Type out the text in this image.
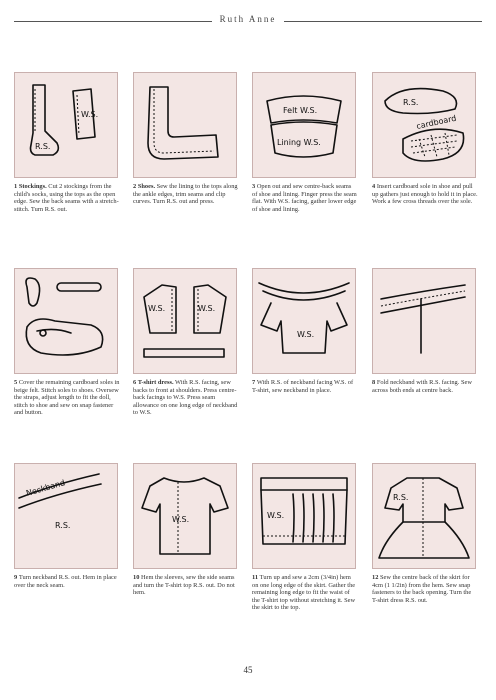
Ruth Anne
W.S.
R.S.
1 Stockings. Cut 2 stockings from the child's socks, using the tops as the open edge. Sew the back seams with a stretch-stitch. Turn R.S. out.
2 Shoes. Sew the lining to the tops along the ankle edges, trim seams and clip curves. Turn R.S. out and press.
Felt W.S.
Lining W.S.
3 Open out and sew centre-back seams of shoe and lining. Finger press the seam flat. With W.S. facing, gather lower edge of shoe and lining.
R.S.
cardboard
4 Insert cardboard sole in shoe and pull up gathers just enough to hold it in place. Work a few cross threads over the sole.
5 Cover the remaining cardboard soles in beige felt. Stitch soles to shoes. Oversew the straps, adjust length to fit the doll, stitch to shoe and sew on snap fastener and button.
W.S.	W.S.
6 T-shirt dress. With R.S. facing, sew backs to front at shoulders. Press centre-back facings to W.S. Press seam allowance on one long edge of neckband to W.S.
W.S.
7 With R.S. of neckband facing W.S. of T-shirt, sew neckband in place.
8 Fold neckband with R.S. facing. Sew across both ends at centre back.
Neckband
R.S.
9 Turn neckband R.S. out. Hem in place over the neck seam.
W.S.
10 Hem the sleeves, sew the side seams and turn the T-shirt top R.S. out. Do not hem.
W.S.
11 Turn up and sew a 2cm (3/4in) hem on one long edge of the skirt. Gather the remaining long edge to fit the waist of the T-shirt top without stretching it. Sew the skirt to the top.
R.S.
12 Sew the centre back of the skirt for 4cm (1 1/2in) from the hem. Sew snap fasteners to the back opening. Turn the T-shirt dress R.S. out.
45
